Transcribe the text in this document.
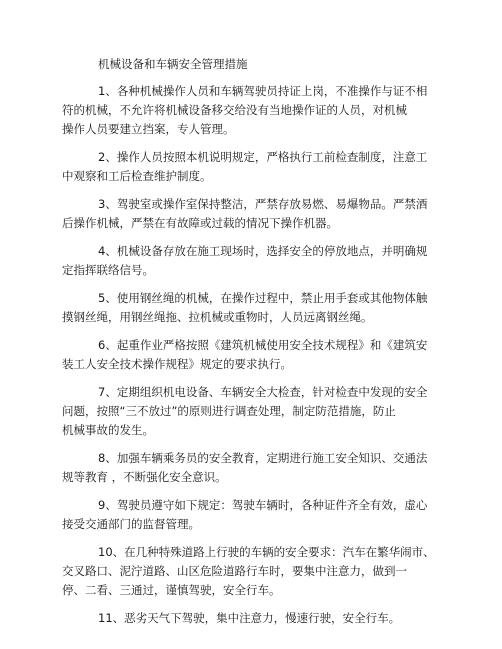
机械设备和车辆安全管理措施
1、各种机械操作人员和车辆驾驶员持证上岗，不准操作与证不相
符的机械，不允许将机械设备移交给没有当地操作证的人员，对机械
操作人员要建立挡案，专人管理。
2、操作人员按照本机说明规定，严格执行工前检查制度，注意工
中观察和工后检查维护制度。
3、驾驶室或操作室保持整洁，严禁存放易燃、易爆物品。严禁酒
后操作机械，严禁在有故障或过载的情况下操作机器。
4、机械设备存放在施工现场时，选择安全的停放地点，并明确规
定指挥联络信号。
5、使用钢丝绳的机械，在操作过程中，禁止用手套或其他物体触
摸钢丝绳，用钢丝绳拖、拉机械或重物时，人员远离钢丝绳。
6、起重作业严格按照《建筑机械使用安全技术规程》和《建筑安
装工人安全技术操作规程》规定的要求执行。
7、定期组织机电设备、车辆安全大检查，针对检查中发现的安全
问题，按照“三不放过”的原则进行调查处理，制定防范措施，防止
机械事故的发生。
8、加强车辆乘务员的安全教育，定期进行施工安全知识、交通法
规等教育 ，不断强化安全意识。
9、驾驶员遵守如下规定：驾驶车辆时，各种证件齐全有效，虚心
接受交通部门的监督管理。
10、在几种特殊道路上行驶的车辆的安全要求：汽车在繁华闹市、
交叉路口、泥泞道路、山区危险道路行车时，要集中注意力，做到一
停、二看、三通过，谨慎驾驶，安全行车。
11、恶劣天气下驾驶，集中注意力，慢速行驶，安全行车。
